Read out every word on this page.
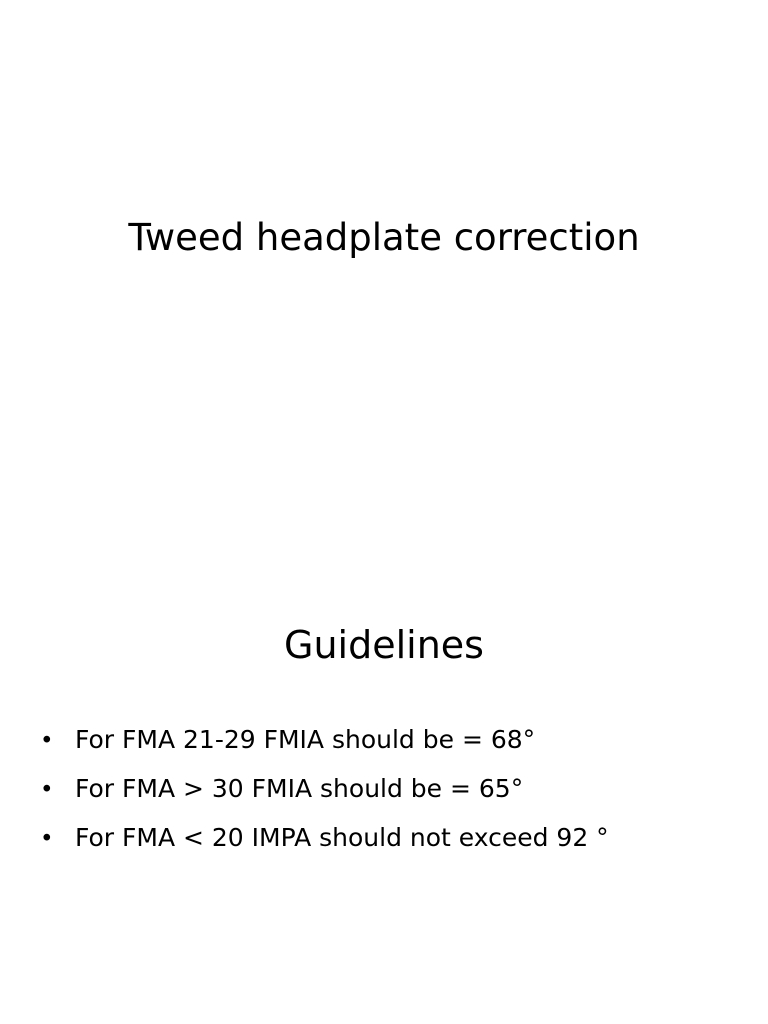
Tweed headplate correction
Guidelines
• For FMA 21-29 FMIA should be = 68°
• For FMA > 30 FMIA should be = 65°
• For FMA < 20 IMPA should not exceed 92 °
